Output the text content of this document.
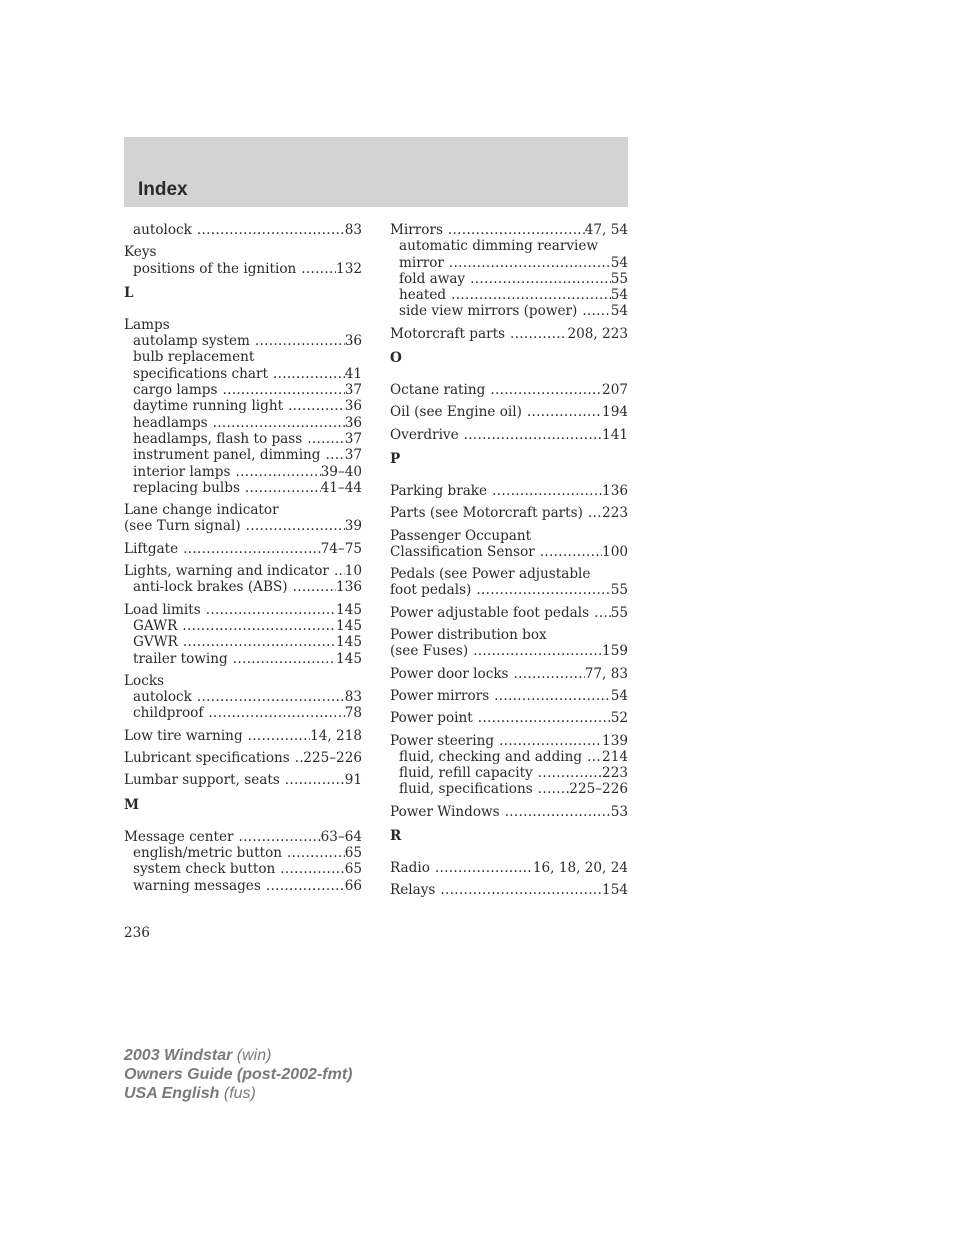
Index
autolock .....	83
Keys
positions of the ignition .....	132
L
Lamps
autolamp system .....	36
bulb replacement
specifications chart .....	41
cargo lamps .....	37
daytime running light .....	36
headlamps .....	36
headlamps, flash to pass .....	37
instrument panel, dimming ..... 37
interior lamps .....	39–40
replacing bulbs .....	41–44
Lane change indicator
(see Turn signal) .....	39
Liftgate .....	74–75
Lights, warning and indicator ..... 10
anti-lock brakes (ABS) .....	136
Load limits .....	145
GAWR .....	145
GVWR .....	145
trailer towing .....	145
Locks
autolock .....	83
childproof .....	78
Low tire warning .....	14, 218
Lubricant specifications ..... 225–226
Lumbar support, seats .....	91
M
Message center .....	63–64
english/metric button .....	65
system check button .....	65
warning messages .....	66
Mirrors .....	47, 54
automatic dimming rearview
mirror .....	54
fold away .....	55
heated .....	54
side view mirrors (power) ..... 54
Motorcraft parts .....	208, 223
O
Octane rating .....	207
Oil (see Engine oil) .....	194
Overdrive .....	141
P
Parking brake .....	136
Parts (see Motorcraft parts) ..... 223
Passenger Occupant
Classification Sensor .....	100
Pedals (see Power adjustable
foot pedals) .....	55
Power adjustable foot pedals ..... 55
Power distribution box
(see Fuses) .....	159
Power door locks .....	77, 83
Power mirrors .....	54
Power point .....	52
Power steering .....	139
fluid, checking and adding ..... 214
fluid, refill capacity .....	223
fluid, specifications .....	225–226
Power Windows .....	53
R
Radio .....	16, 18, 20, 24
Relays .....	154
236
2003 Windstar (win)
Owners Guide (post-2002-fmt)
USA English (fus)
